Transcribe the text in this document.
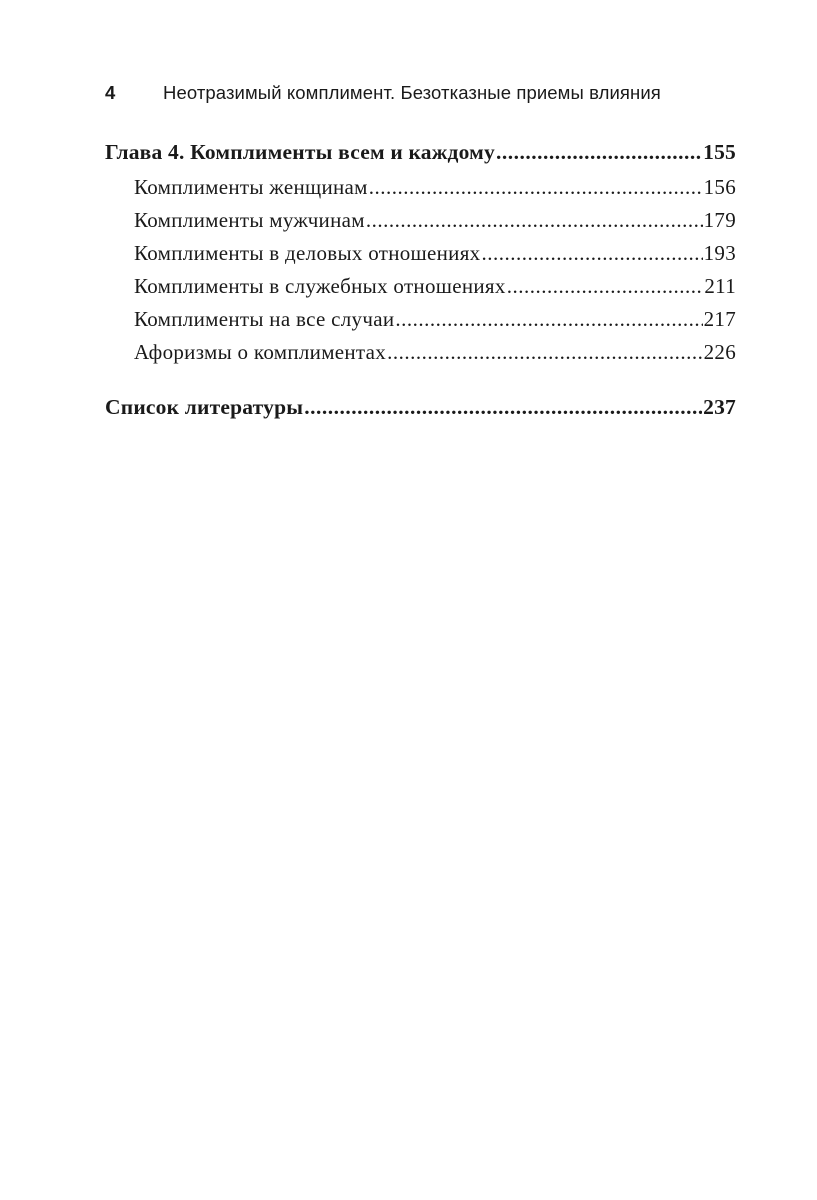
4	Неотразимый комплимент. Безотказные приемы влияния
Глава 4. Комплименты всем и каждому .....	155
Комплименты женщинам .....	156
Комплименты мужчинам .....	179
Комплименты в деловых отношениях .....	193
Комплименты в служебных отношениях .....	211
Комплименты на все случаи .....	217
Афоризмы о комплиментах .....	226
Список литературы .....	237
